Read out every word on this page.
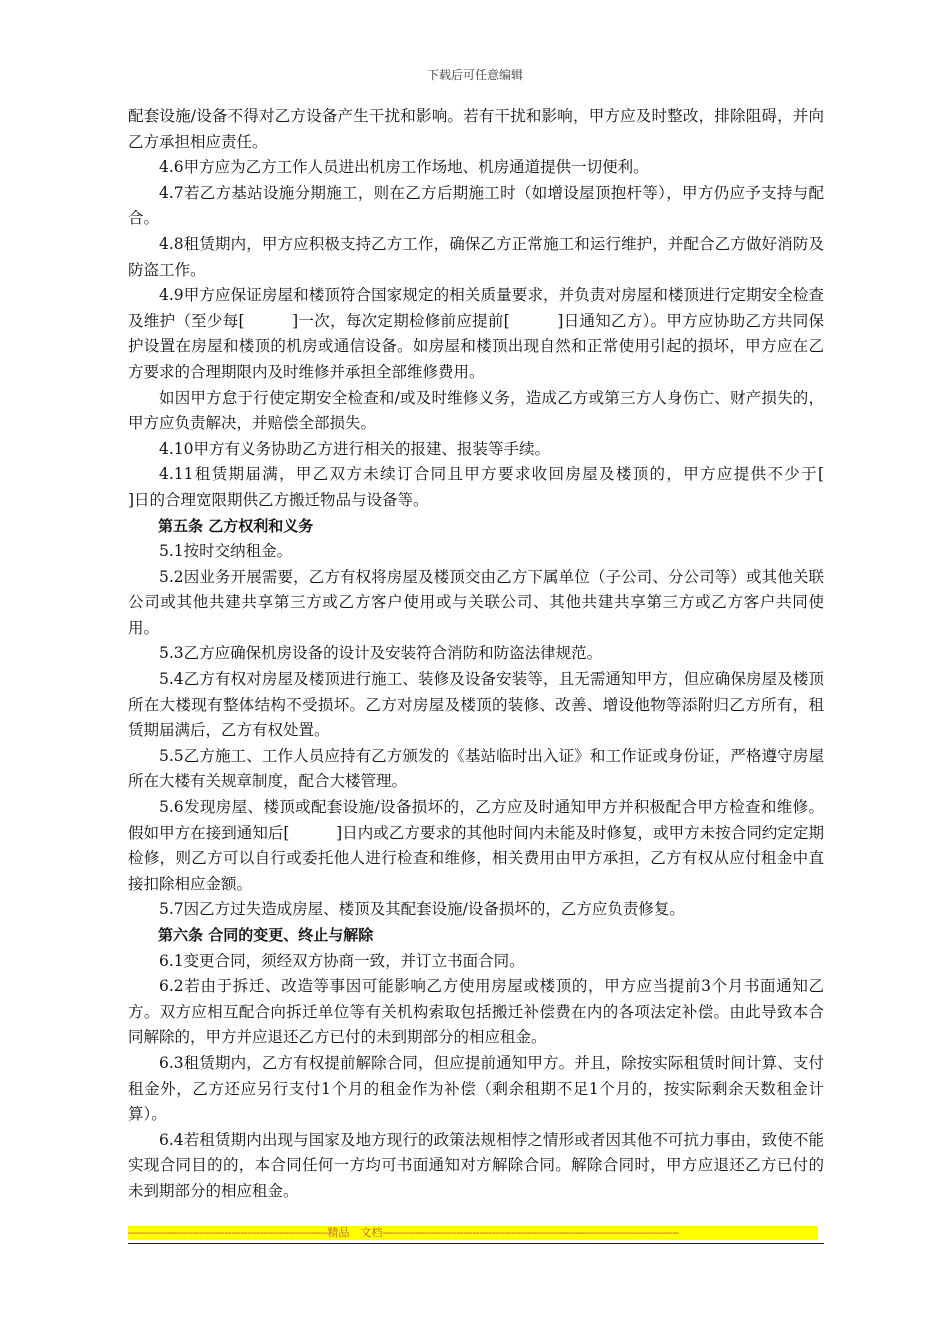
下载后可任意编辑

配套设施/设备不得对乙方设备产生干扰和影响。若有干扰和影响，甲方应及时整改，排除阻碍，并向乙方承担相应责任。

4.6甲方应为乙方工作人员进出机房工作场地、机房通道提供一切便利。

4.7若乙方基站设施分期施工，则在乙方后期施工时（如增设屋顶抱杆等），甲方仍应予支持与配合。

4.8租赁期内，甲方应积极支持乙方工作，确保乙方正常施工和运行维护，并配合乙方做好消防及防盗工作。

4.9甲方应保证房屋和楼顶符合国家规定的相关质量要求，并负责对房屋和楼顶进行定期安全检查及维护（至少每[　　　]一次，每次定期检修前应提前[　　　]日通知乙方）。甲方应协助乙方共同保护设置在房屋和楼顶的机房或通信设备。如房屋和楼顶出现自然和正常使用引起的损坏，甲方应在乙方要求的合理期限内及时维修并承担全部维修费用。

如因甲方怠于行使定期安全检查和/或及时维修义务，造成乙方或第三方人身伤亡、财产损失的，甲方应负责解决，并赔偿全部损失。

4.10甲方有义务协助乙方进行相关的报建、报装等手续。

4.11租赁期届满，甲乙双方未续订合同且甲方要求收回房屋及楼顶的，甲方应提供不少于[　　　]日的合理宽限期供乙方搬迁物品与设备等。

第五条 乙方权利和义务

5.1按时交纳租金。

5.2因业务开展需要，乙方有权将房屋及楼顶交由乙方下属单位（子公司、分公司等）或其他关联公司或其他共建共享第三方或乙方客户使用或与关联公司、其他共建共享第三方或乙方客户共同使用。

5.3乙方应确保机房设备的设计及安装符合消防和防盗法律规范。

5.4乙方有权对房屋及楼顶进行施工、装修及设备安装等，且无需通知甲方，但应确保房屋及楼顶所在大楼现有整体结构不受损坏。乙方对房屋及楼顶的装修、改善、增设他物等添附归乙方所有，租赁期届满后，乙方有权处置。

5.5乙方施工、工作人员应持有乙方颁发的《基站临时出入证》和工作证或身份证，严格遵守房屋所在大楼有关规章制度，配合大楼管理。

5.6发现房屋、楼顶或配套设施/设备损坏的，乙方应及时通知甲方并积极配合甲方检查和维修。假如甲方在接到通知后[　　　]日内或乙方要求的其他时间内未能及时修复，或甲方未按合同约定定期检修，则乙方可以自行或委托他人进行检查和维修，相关费用由甲方承担，乙方有权从应付租金中直接扣除相应金额。

5.7因乙方过失造成房屋、楼顶及其配套设施/设备损坏的，乙方应负责修复。

第六条 合同的变更、终止与解除

6.1变更合同，须经双方协商一致，并订立书面合同。

6.2若由于拆迁、改造等事因可能影响乙方使用房屋或楼顶的，甲方应当提前3个月书面通知乙方。双方应相互配合向拆迁单位等有关机构索取包括搬迁补偿费在内的各项法定补偿。由此导致本合同解除的，甲方并应退还乙方已付的未到期部分的相应租金。

6.3租赁期内，乙方有权提前解除合同，但应提前通知甲方。并且，除按实际租赁时间计算、支付租金外，乙方还应另行支付1个月的租金作为补偿（剩余租期不足1个月的，按实际剩余天数租金计算）。

6.4若租赁期内出现与国家及地方现行的政策法规相悖之情形或者因其他不可抗力事由，致使不能实现合同目的的，本合同任何一方均可书面通知对方解除合同。解除合同时，甲方应退还乙方已付的未到期部分的相应租金。

--------------------------------------------------------------精品　文档--------------------------------------------------------------------------------------------
